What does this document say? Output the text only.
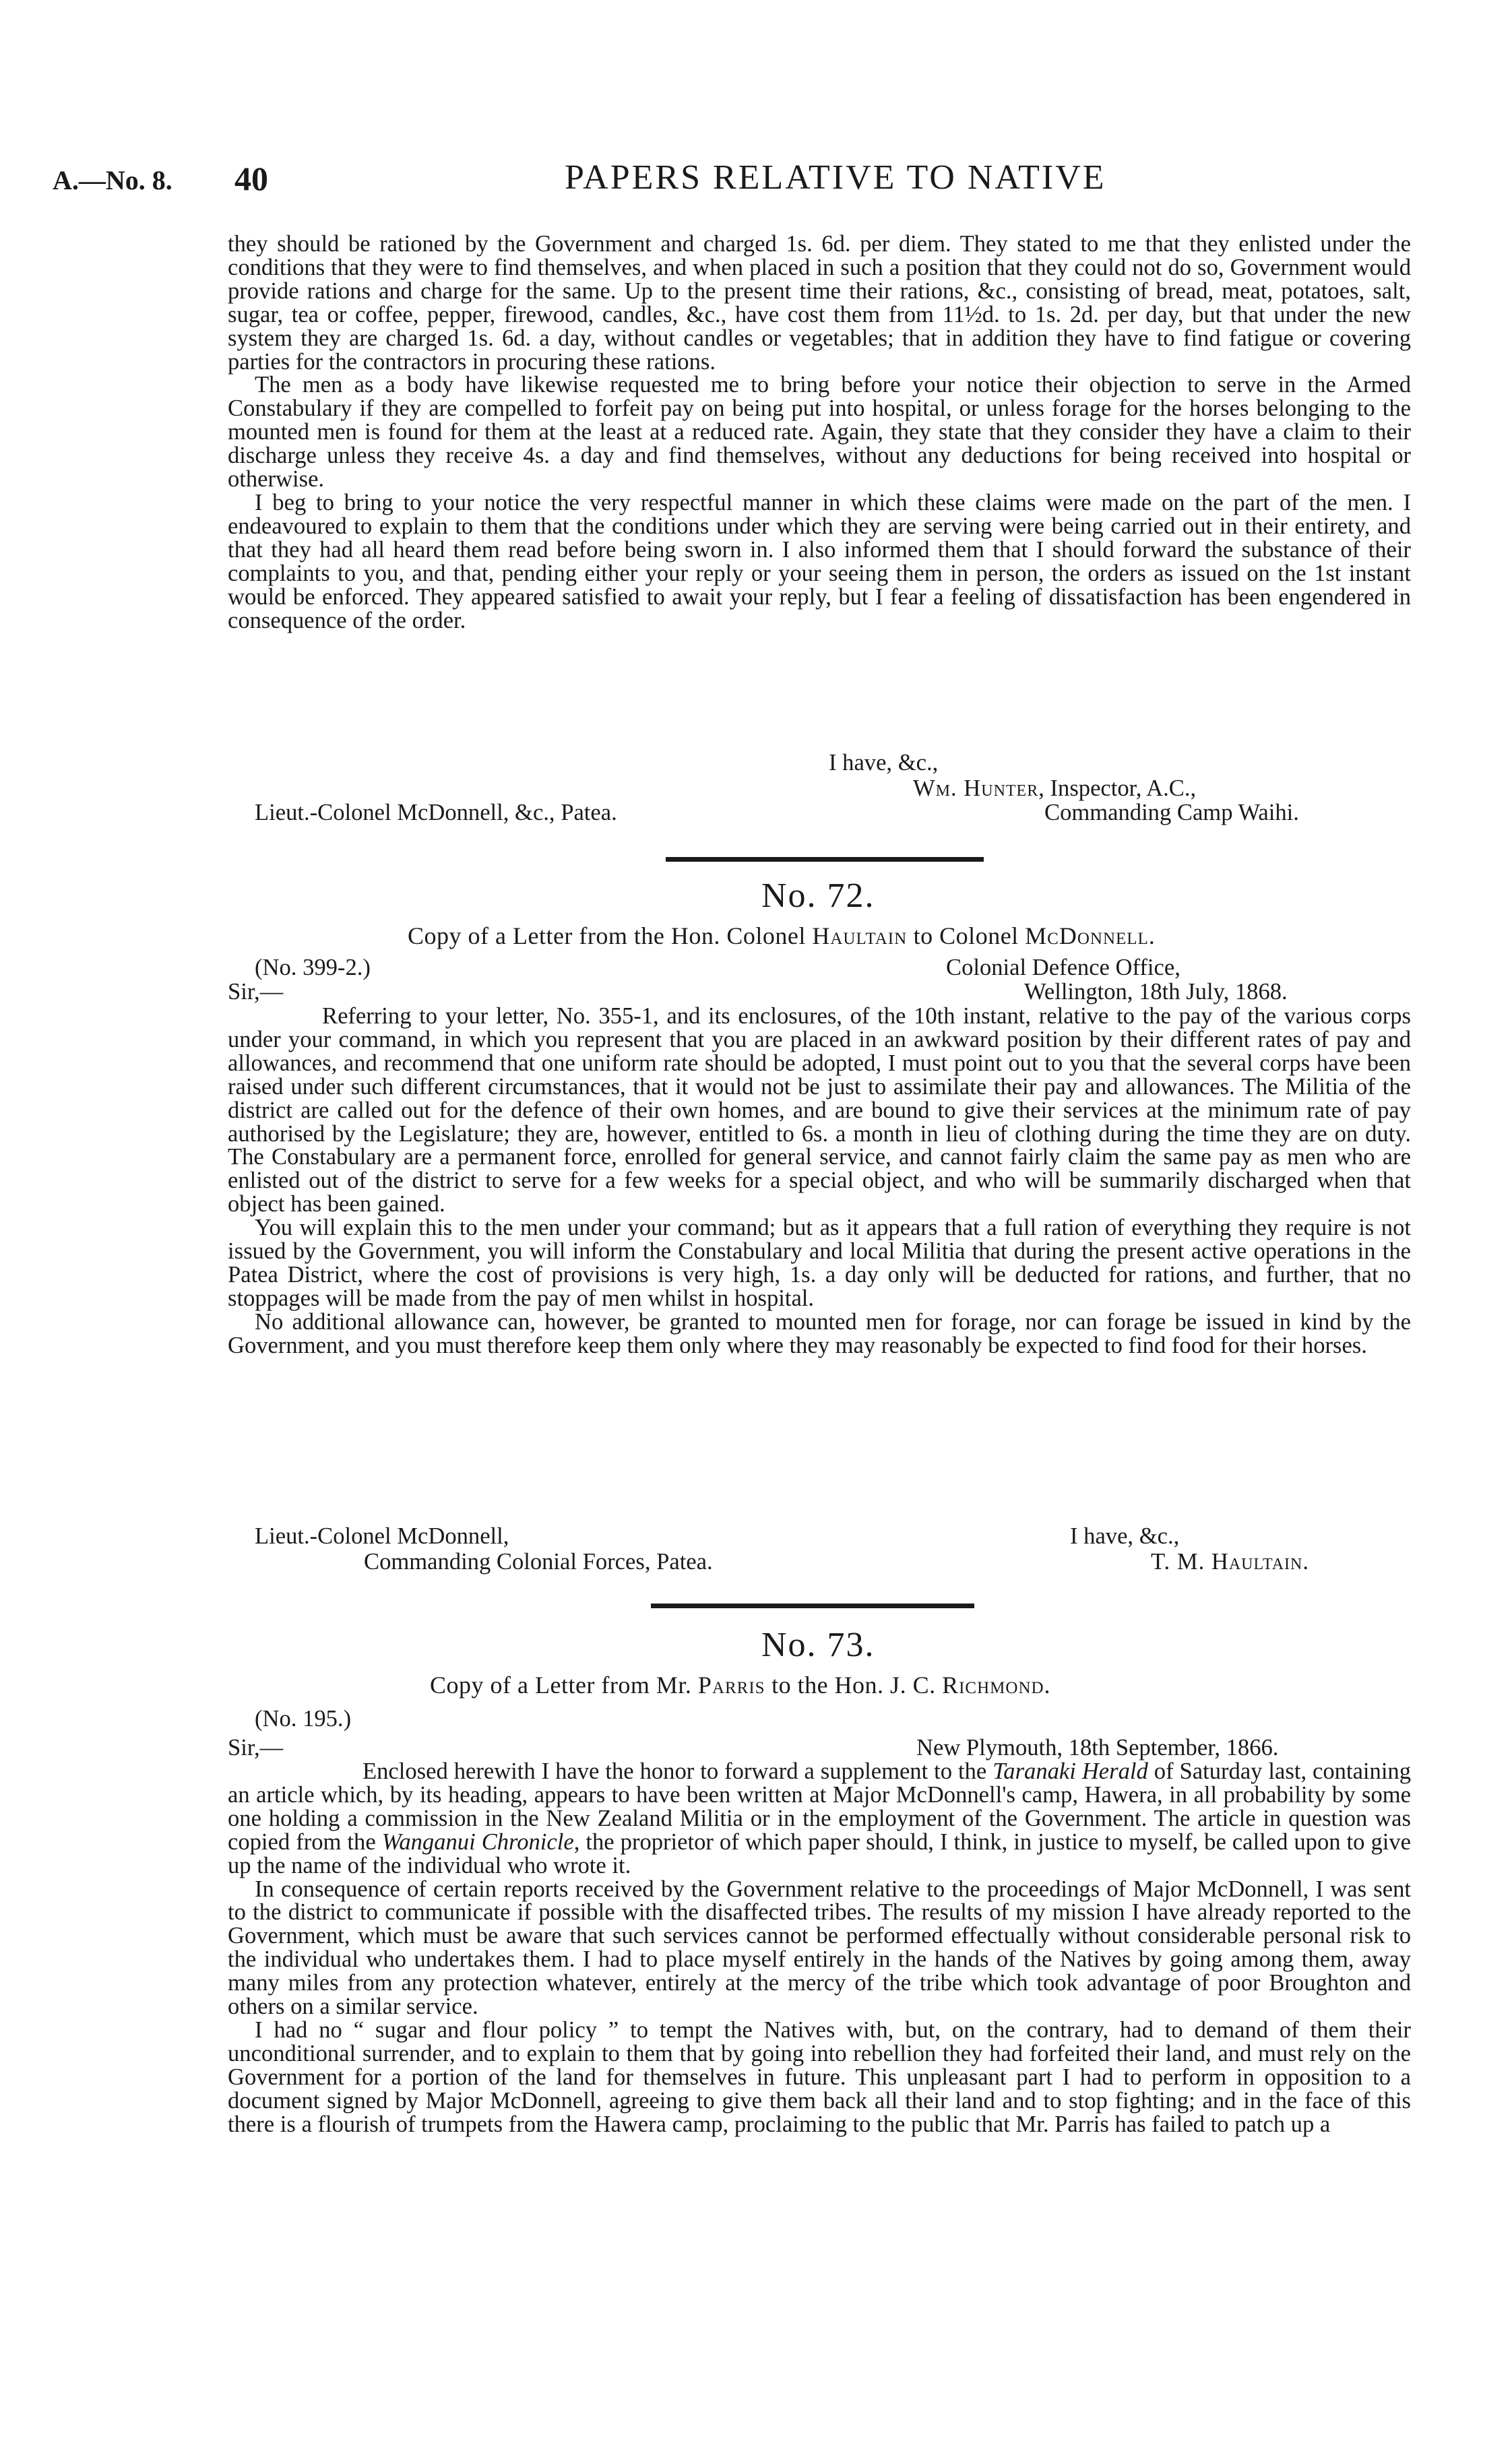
A.—No. 8. 40	PAPERS RELATIVE TO NATIVE

they should be rationed by the Government and charged 1s. 6d. per diem. They stated to me that they enlisted under the conditions that they were to find themselves, and when placed in such a position that they could not do so, Government would provide rations and charge for the same. Up to the present time their rations, &c., consisting of bread, meat, potatoes, salt, sugar, tea or coffee, pepper, firewood, candles, &c., have cost them from 11½d. to 1s. 2d. per day, but that under the new system they are charged 1s. 6d. a day, without candles or vegetables; that in addition they have to find fatigue or covering parties for the contractors in procuring these rations.

The men as a body have likewise requested me to bring before your notice their objection to serve in the Armed Constabulary if they are compelled to forfeit pay on being put into hospital, or unless forage for the horses belonging to the mounted men is found for them at the least at a reduced rate. Again, they state that they consider they have a claim to their discharge unless they receive 4s. a day and find themselves, without any deductions for being received into hospital or otherwise.

I beg to bring to your notice the very respectful manner in which these claims were made on the part of the men. I endeavoured to explain to them that the conditions under which they are serving were being carried out in their entirety, and that they had all heard them read before being sworn in. I also informed them that I should forward the substance of their complaints to you, and that, pending either your reply or your seeing them in person, the orders as issued on the 1st instant would be enforced. They appeared satisfied to await your reply, but I fear a feeling of dissatisfaction has been engendered in consequence of the order.

I have, &c.,
Wm. Hunter, Inspector, A.C.,
Lieut.-Colonel McDonnell, &c., Patea.	Commanding Camp Waihi.
No. 72.
Copy of a Letter from the Hon. Colonel Haultain to Colonel McDonnell.
(No. 399-2.)	Colonial Defence Office,
Sir,—	Wellington, 18th July, 1868.

Referring to your letter, No. 355-1, and its enclosures, of the 10th instant, relative to the pay of the various corps under your command, in which you represent that you are placed in an awkward position by their different rates of pay and allowances, and recommend that one uniform rate should be adopted, I must point out to you that the several corps have been raised under such different circumstances, that it would not be just to assimilate their pay and allowances. The Militia of the district are called out for the defence of their own homes, and are bound to give their services at the minimum rate of pay authorised by the Legislature; they are, however, entitled to 6s. a month in lieu of clothing during the time they are on duty. The Constabulary are a permanent force, enrolled for general service, and cannot fairly claim the same pay as men who are enlisted out of the district to serve for a few weeks for a special object, and who will be summarily discharged when that object has been gained.

You will explain this to the men under your command; but as it appears that a full ration of everything they require is not issued by the Government, you will inform the Constabulary and local Militia that during the present active operations in the Patea District, where the cost of provisions is very high, 1s. a day only will be deducted for rations, and further, that no stoppages will be made from the pay of men whilst in hospital.

No additional allowance can, however, be granted to mounted men for forage, nor can forage be issued in kind by the Government, and you must therefore keep them only where they may reasonably be expected to find food for their horses.

Lieut.-Colonel McDonnell,	I have, &c.,
Commanding Colonial Forces, Patea.	T. M. Haultain.
No. 73.
Copy of a Letter from Mr. Parris to the Hon. J. C. Richmond.
(No. 195.)
Sir,—	New Plymouth, 18th September, 1866.

Enclosed herewith I have the honor to forward a supplement to the Taranaki Herald of Saturday last, containing an article which, by its heading, appears to have been written at Major McDonnell's camp, Hawera, in all probability by some one holding a commission in the New Zealand Militia or in the employment of the Government. The article in question was copied from the Wanganui Chronicle, the proprietor of which paper should, I think, in justice to myself, be called upon to give up the name of the individual who wrote it.

In consequence of certain reports received by the Government relative to the proceedings of Major McDonnell, I was sent to the district to communicate if possible with the disaffected tribes. The results of my mission I have already reported to the Government, which must be aware that such services cannot be performed effectually without considerable personal risk to the individual who undertakes them. I had to place myself entirely in the hands of the Natives by going among them, away many miles from any protection whatever, entirely at the mercy of the tribe which took advantage of poor Broughton and others on a similar service.

I had no “ sugar and flour policy ” to tempt the Natives with, but, on the contrary, had to demand of them their unconditional surrender, and to explain to them that by going into rebellion they had forfeited their land, and must rely on the Government for a portion of the land for themselves in future. This unpleasant part I had to perform in opposition to a document signed by Major McDonnell, agreeing to give them back all their land and to stop fighting; and in the face of this there is a flourish of trumpets from the Hawera camp, proclaiming to the public that Mr. Parris has failed to patch up a
